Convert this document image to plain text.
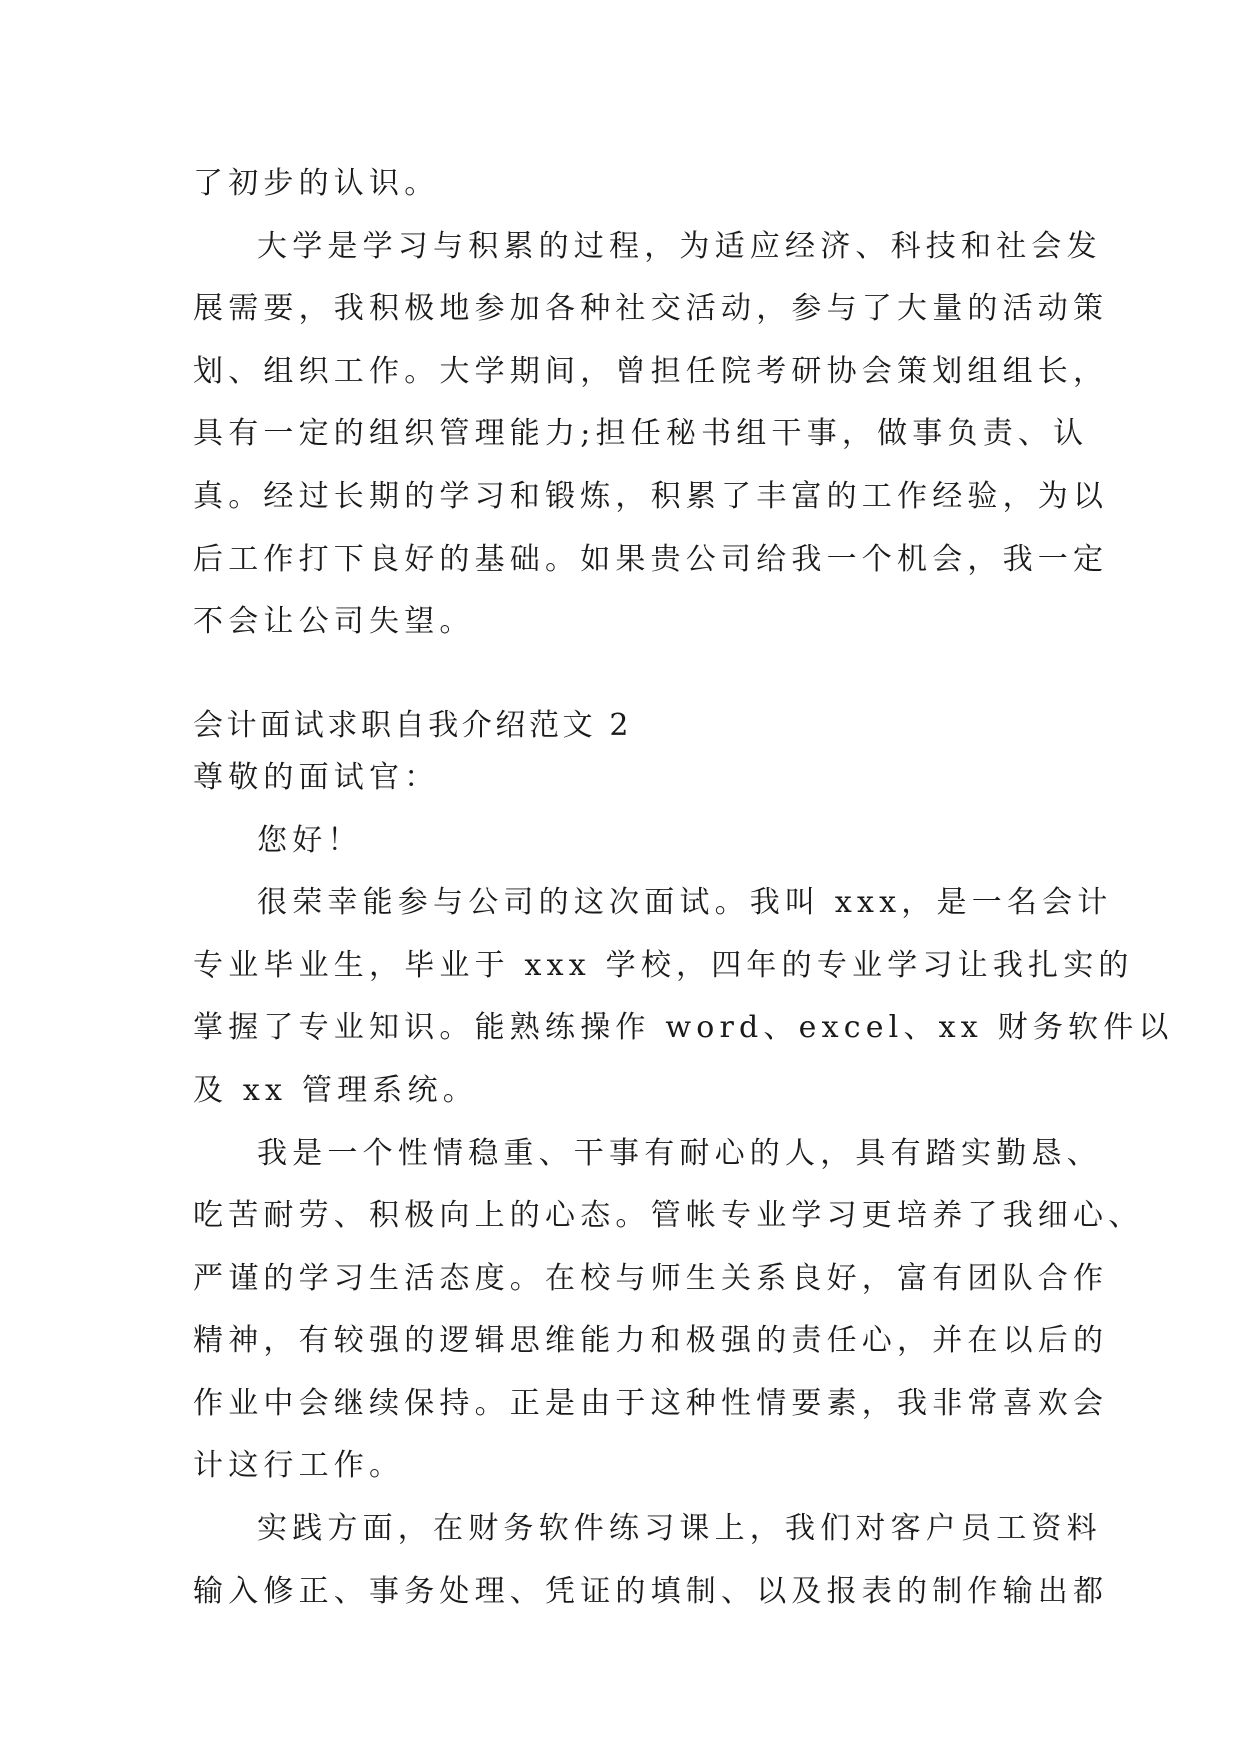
了初步的认识。

大学是学习与积累的过程，为适应经济、科技和社会发

展需要，我积极地参加各种社交活动，参与了大量的活动策

划、组织工作。大学期间，曾担任院考研协会策划组组长，

具有一定的组织管理能力;担任秘书组干事，做事负责、认

真。经过长期的学习和锻炼，积累了丰富的工作经验，为以

后工作打下良好的基础。如果贵公司给我一个机会，我一定

不会让公司失望。

会计面试求职自我介绍范文 2

尊敬的面试官：

您好！

很荣幸能参与公司的这次面试。我叫 xxx，是一名会计

专业毕业生，毕业于 xxx 学校，四年的专业学习让我扎实的

掌握了专业知识。能熟练操作 word、excel、xx 财务软件以

及 xx 管理系统。

我是一个性情稳重、干事有耐心的人，具有踏实勤恳、

吃苦耐劳、积极向上的心态。管帐专业学习更培养了我细心、

严谨的学习生活态度。在校与师生关系良好，富有团队合作

精神，有较强的逻辑思维能力和极强的责任心，并在以后的

作业中会继续保持。正是由于这种性情要素，我非常喜欢会

计这行工作。

实践方面，在财务软件练习课上，我们对客户员工资料

输入修正、事务处理、凭证的填制、以及报表的制作输出都
